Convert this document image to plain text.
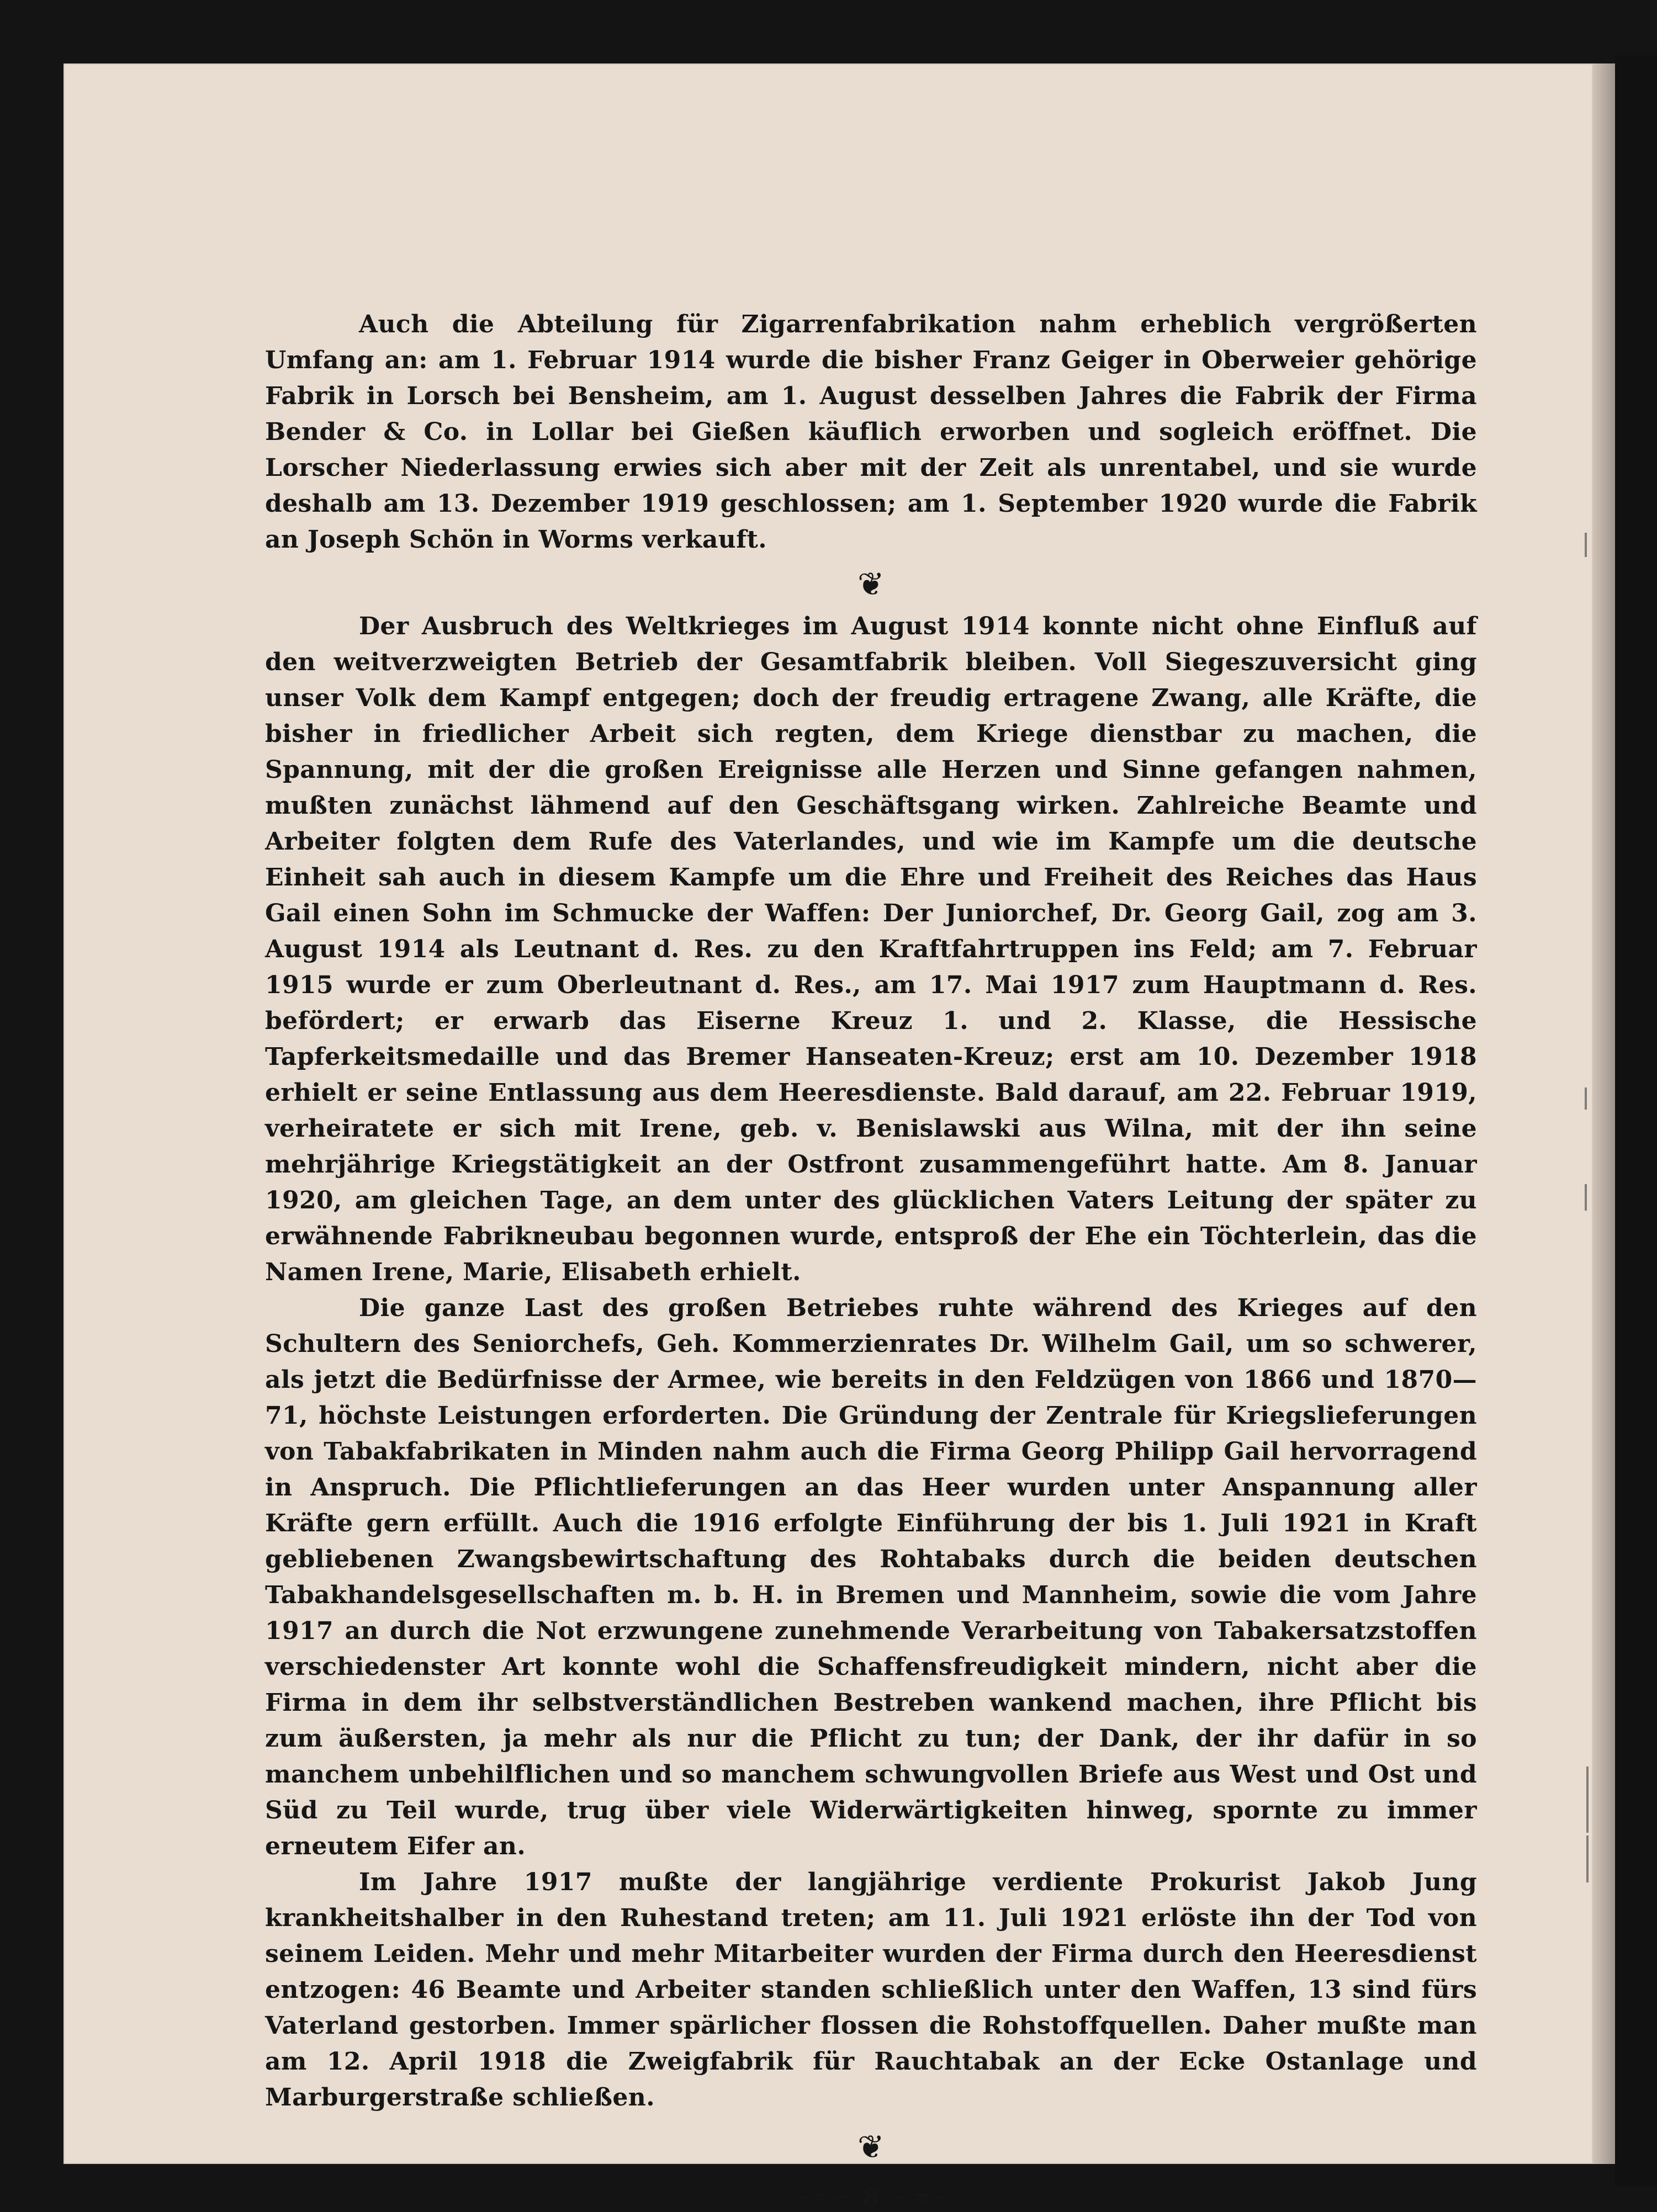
Auch die Abteilung für Zigarrenfabrikation nahm erheblich vergrößerten Umfang an: am 1. Februar 1914 wurde die bisher Franz Geiger in Oberweier gehörige Fabrik in Lorsch bei Bensheim, am 1. August desselben Jahres die Fabrik der Firma Bender & Co. in Lollar bei Gießen käuflich erworben und sogleich eröffnet. Die Lorscher Niederlassung erwies sich aber mit der Zeit als unrentabel, und sie wurde deshalb am 13. Dezember 1919 geschlossen; am 1. September 1920 wurde die Fabrik an Joseph Schön in Worms verkauft.

❦

Der Ausbruch des Weltkrieges im August 1914 konnte nicht ohne Einfluß auf den weitverzweigten Betrieb der Gesamtfabrik bleiben. Voll Siegeszuversicht ging unser Volk dem Kampf entgegen; doch der freudig ertragene Zwang, alle Kräfte, die bisher in friedlicher Arbeit sich regten, dem Kriege dienstbar zu machen, die Spannung, mit der die großen Ereignisse alle Herzen und Sinne gefangen nahmen, mußten zunächst lähmend auf den Geschäftsgang wirken. Zahlreiche Beamte und Arbeiter folgten dem Rufe des Vaterlandes, und wie im Kampfe um die deutsche Einheit sah auch in diesem Kampfe um die Ehre und Freiheit des Reiches das Haus Gail einen Sohn im Schmucke der Waffen: Der Juniorchef, Dr. Georg Gail, zog am 3. August 1914 als Leutnant d. Res. zu den Kraftfahrtruppen ins Feld; am 7. Februar 1915 wurde er zum Oberleutnant d. Res., am 17. Mai 1917 zum Hauptmann d. Res. befördert; er erwarb das Eiserne Kreuz 1. und 2. Klasse, die Hessische Tapferkeitsmedaille und das Bremer Hanseaten-Kreuz; erst am 10. Dezember 1918 erhielt er seine Entlassung aus dem Heeresdienste. Bald darauf, am 22. Februar 1919, verheiratete er sich mit Irene, geb. v. Benislawski aus Wilna, mit der ihn seine mehrjährige Kriegstätigkeit an der Ostfront zusammengeführt hatte. Am 8. Januar 1920, am gleichen Tage, an dem unter des glücklichen Vaters Leitung der später zu erwähnende Fabrikneubau begonnen wurde, entsproß der Ehe ein Töchterlein, das die Namen Irene, Marie, Elisabeth erhielt.

Die ganze Last des großen Betriebes ruhte während des Krieges auf den Schultern des Seniorchefs, Geh. Kommerzienrates Dr. Wilhelm Gail, um so schwerer, als jetzt die Bedürfnisse der Armee, wie bereits in den Feldzügen von 1866 und 1870—71, höchste Leistungen erforderten. Die Gründung der Zentrale für Kriegslieferungen von Tabakfabrikaten in Minden nahm auch die Firma Georg Philipp Gail hervorragend in Anspruch. Die Pflichtlieferungen an das Heer wurden unter Anspannung aller Kräfte gern erfüllt. Auch die 1916 erfolgte Einführung der bis 1. Juli 1921 in Kraft gebliebenen Zwangsbewirtschaftung des Rohtabaks durch die beiden deutschen Tabakhandelsgesellschaften m. b. H. in Bremen und Mannheim, sowie die vom Jahre 1917 an durch die Not erzwungene zunehmende Verarbeitung von Tabakersatzstoffen verschiedenster Art konnte wohl die Schaffensfreudigkeit mindern, nicht aber die Firma in dem ihr selbstverständlichen Bestreben wankend machen, ihre Pflicht bis zum äußersten, ja mehr als nur die Pflicht zu tun; der Dank, der ihr dafür in so manchem unbehilflichen und so manchem schwungvollen Briefe aus West und Ost und Süd zu Teil wurde, trug über viele Widerwärtigkeiten hinweg, spornte zu immer erneutem Eifer an.

Im Jahre 1917 mußte der langjährige verdiente Prokurist Jakob Jung krankheitshalber in den Ruhestand treten; am 11. Juli 1921 erlöste ihn der Tod von seinem Leiden. Mehr und mehr Mitarbeiter wurden der Firma durch den Heeresdienst entzogen: 46 Beamte und Arbeiter standen schließlich unter den Waffen, 13 sind fürs Vaterland gestorben. Immer spärlicher flossen die Rohstoffquellen. Daher mußte man am 12. April 1918 die Zweigfabrik für Rauchtabak an der Ecke Ostanlage und Marburgerstraße schließen.

❦
∽≈∽ 8 ∽≈∽
